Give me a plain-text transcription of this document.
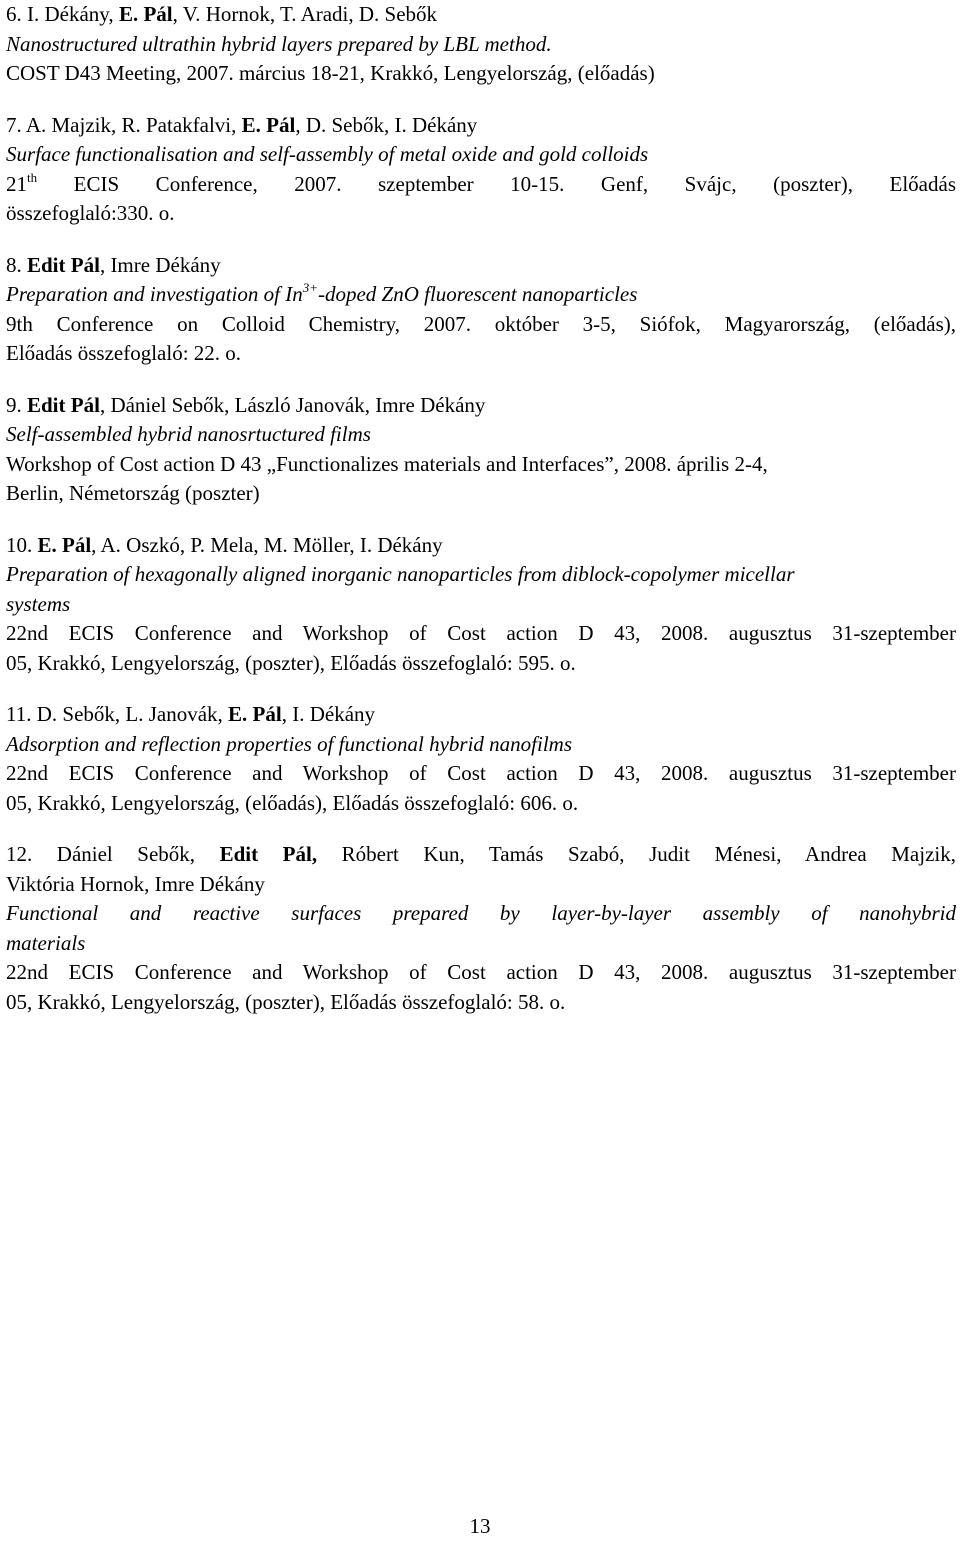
6. I. Dékány, E. Pál, V. Hornok, T. Aradi, D. Sebők
Nanostructured ultrathin hybrid layers prepared by LBL method.
COST D43 Meeting, 2007. március 18-21, Krakkó, Lengyelország, (előadás)
7. A. Majzik, R. Patakfalvi, E. Pál, D. Sebők, I. Dékány
Surface functionalisation and self-assembly of metal oxide and gold colloids
21th ECIS Conference, 2007. szeptember 10-15. Genf, Svájc, (poszter), Előadás
összefoglaló:330. o.
8. Edit Pál, Imre Dékány
Preparation and investigation of $In^{3+}$-doped ZnO fluorescent nanoparticles
9th Conference on Colloid Chemistry, 2007. október 3-5, Siófok, Magyarország, (előadás),
Előadás összefoglaló: 22. o.
9. Edit Pál, Dániel Sebők, László Janovák, Imre Dékány
Self-assembled hybrid nanosrtuctured films
Workshop of Cost action D 43 „Functionalizes materials and Interfaces”, 2008. április 2-4,
Berlin, Németország (poszter)
10. E. Pál, A. Oszkó, P. Mela, M. Möller, I. Dékány
Preparation of hexagonally aligned inorganic nanoparticles from diblock-copolymer micellar
systems
22nd ECIS Conference and Workshop of Cost action D 43, 2008. augusztus 31-szeptember
05, Krakkó, Lengyelország, (poszter), Előadás összefoglaló: 595. o.
11. D. Sebők, L. Janovák, E. Pál, I. Dékány
Adsorption and reflection properties of functional hybrid nanofilms
22nd ECIS Conference and Workshop of Cost action D 43, 2008. augusztus 31-szeptember
05, Krakkó, Lengyelország, (előadás), Előadás összefoglaló: 606. o.
12. Dániel Sebők, Edit Pál, Róbert Kun, Tamás Szabó, Judit Ménesi, Andrea Majzik,
Viktória Hornok, Imre Dékány
Functional and reactive surfaces prepared by layer-by-layer assembly of nanohybrid
materials
22nd ECIS Conference and Workshop of Cost action D 43, 2008. augusztus 31-szeptember
05, Krakkó, Lengyelország, (poszter), Előadás összefoglaló: 58. o.
13
